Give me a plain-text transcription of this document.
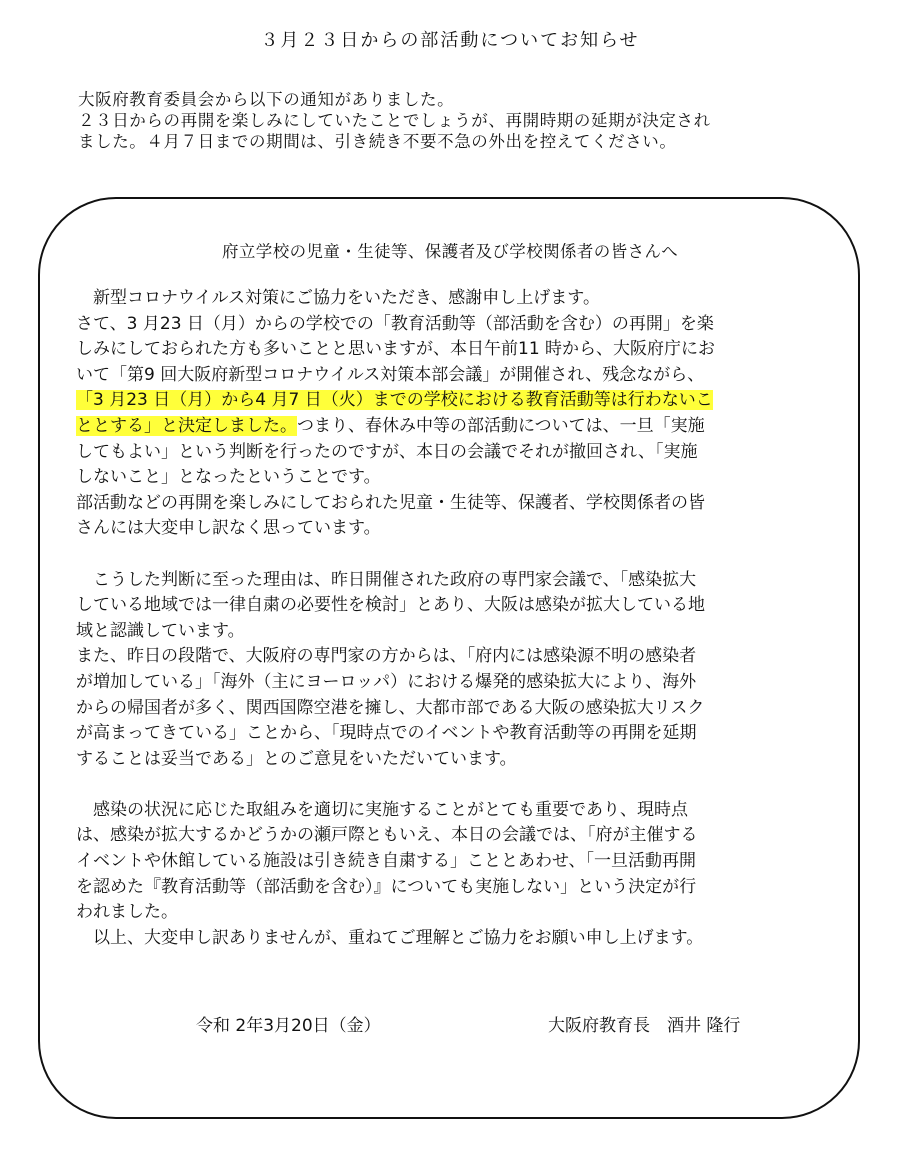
３月２３日からの部活動についてお知らせ
大阪府教育委員会から以下の通知がありました。
２３日からの再開を楽しみにしていたことでしょうが、再開時期の延期が決定され
ました。４月７日までの期間は、引き続き不要不急の外出を控えてください。
府立学校の児童・生徒等、保護者及び学校関係者の皆さんへ
　新型コロナウイルス対策にご協力をいただき、感謝申し上げます。
さて、3 月23 日（月）からの学校での「教育活動等（部活動を含む）の再開」を楽
しみにしておられた方も多いことと思いますが、本日午前11 時から、大阪府庁にお
いて「第9 回大阪府新型コロナウイルス対策本部会議」が開催され、残念ながら、
「3 月23 日（月）から4 月7 日（火）までの学校における教育活動等は行わないこ
ととする」と決定しました。つまり、春休み中等の部活動については、一旦「実施
してもよい」という判断を行ったのですが、本日の会議でそれが撤回され、「実施
しないこと」となったということです。
部活動などの再開を楽しみにしておられた児童・生徒等、保護者、学校関係者の皆
さんには大変申し訳なく思っています。
　こうした判断に至った理由は、昨日開催された政府の専門家会議で、「感染拡大
している地域では一律自粛の必要性を検討」とあり、大阪は感染が拡大している地
域と認識しています。
また、昨日の段階で、大阪府の専門家の方からは、「府内には感染源不明の感染者
が増加している」「海外（主にヨーロッパ）における爆発的感染拡大により、海外
からの帰国者が多く、関西国際空港を擁し、大都市部である大阪の感染拡大リスク
が高まってきている」ことから、「現時点でのイベントや教育活動等の再開を延期
することは妥当である」とのご意見をいただいています。
　感染の状況に応じた取組みを適切に実施することがとても重要であり、現時点
は、感染が拡大するかどうかの瀬戸際ともいえ、本日の会議では、「府が主催する
イベントや休館している施設は引き続き自粛する」こととあわせ、「一旦活動再開
を認めた『教育活動等（部活動を含む）』についても実施しない」という決定が行
われました。
　以上、大変申し訳ありませんが、重ねてご理解とご協力をお願い申し上げます。
令和 2年3月20日（金）	大阪府教育長　酒井 隆行
